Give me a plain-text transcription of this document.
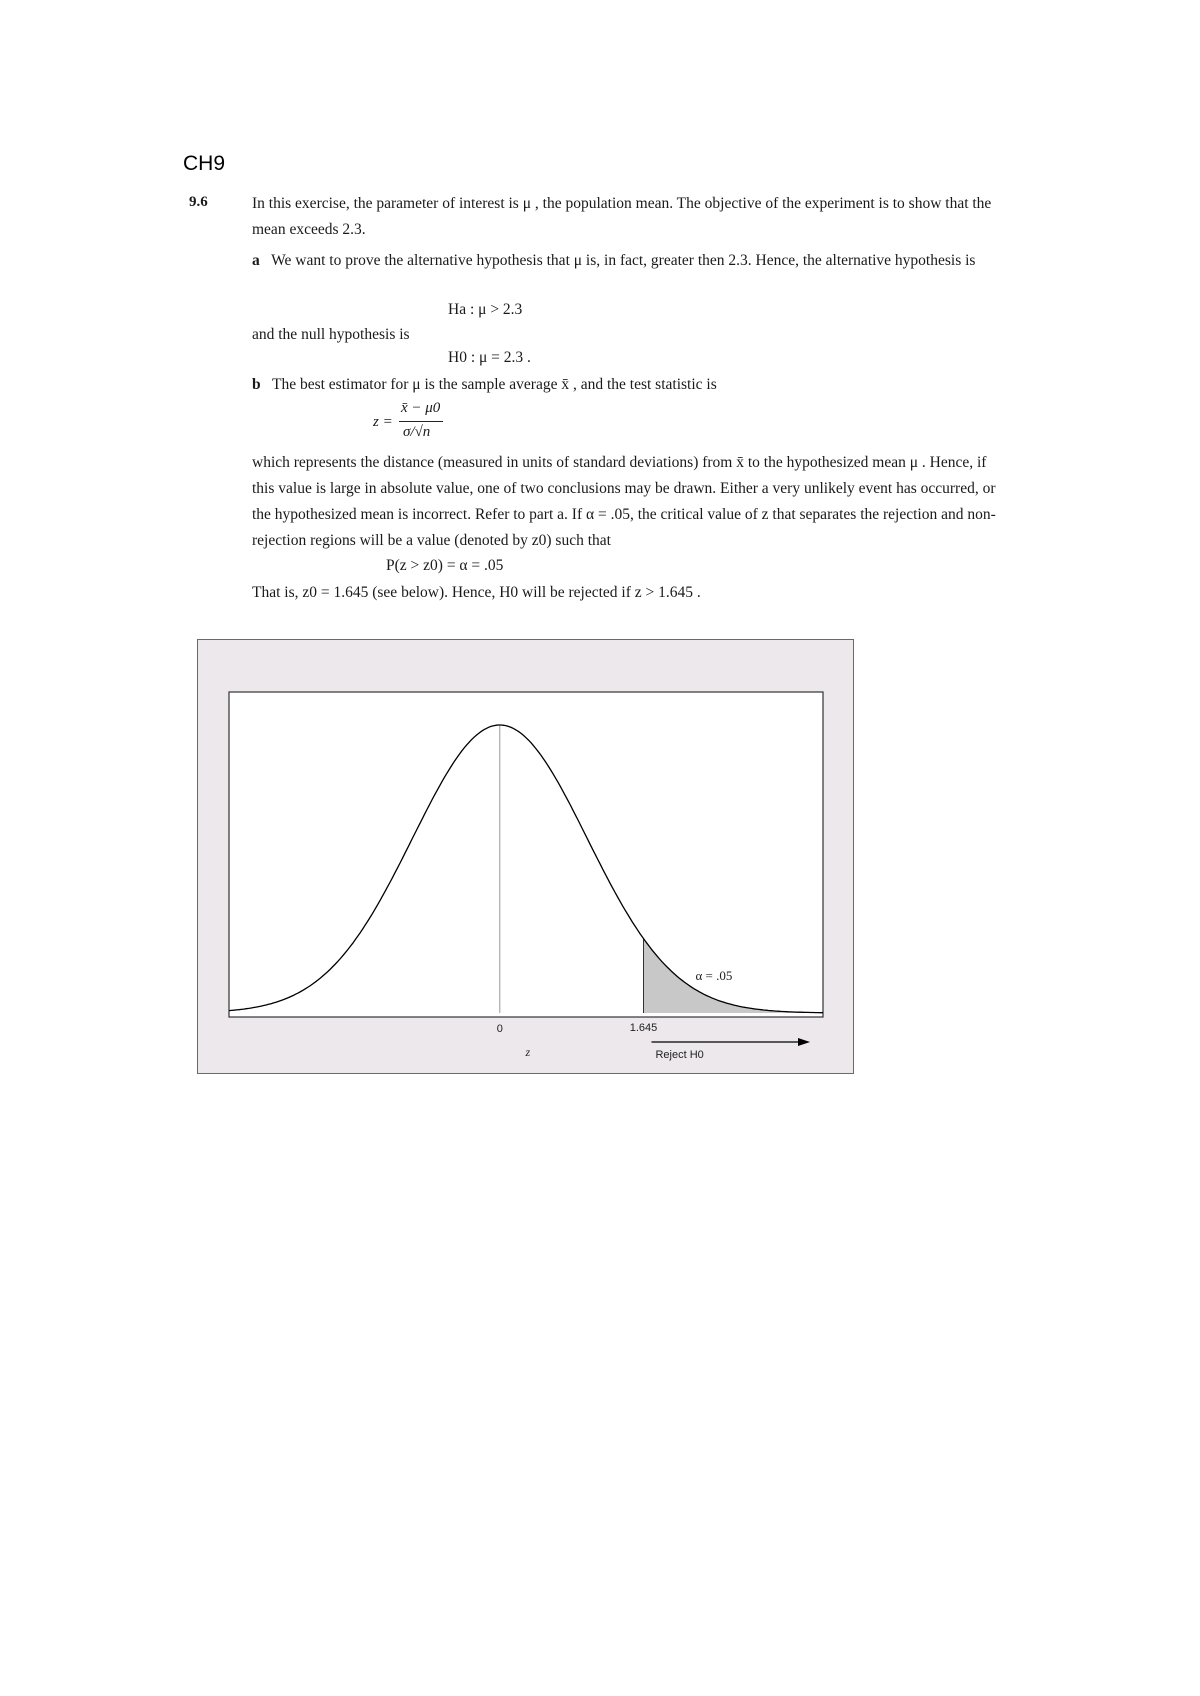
CH9
9.6	In this exercise, the parameter of interest is μ , the population mean. The objective of the experiment is to show that the mean exceeds 2.3.
a We want to prove the alternative hypothesis that μ is, in fact, greater then 2.3. Hence, the alternative hypothesis is
Ha : μ > 2.3
and the null hypothesis is
H0 : μ = 2.3 .
b The best estimator for μ is the sample average x̄ , and the test statistic is
z =
x̄ − μ0
σ/√n
which represents the distance (measured in units of standard deviations) from x̄ to the hypothesized mean μ . Hence, if this value is large in absolute value, one of two conclusions may be drawn. Either a very unlikely event has occurred, or the hypothesized mean is incorrect. Refer to part a. If α = .05, the critical value of z that separates the rejection and non-rejection regions will be a value (denoted by z0) such that
P(z > z0) = α = .05
That is, z0 = 1.645 (see below). Hence, H0 will be rejected if z > 1.645 .
0	1.645
z
α = .05
Reject H0
